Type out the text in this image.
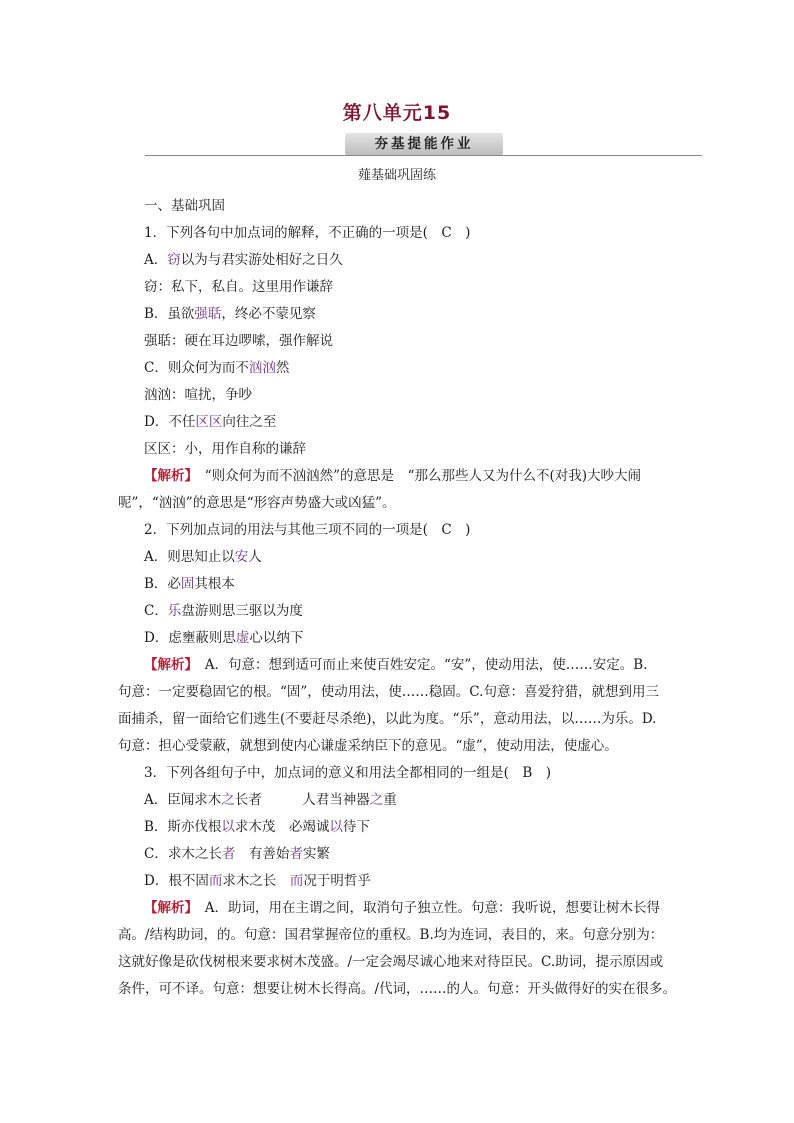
第八单元15
夯基提能作业
薤基础巩固练
一、基础巩固
1．下列各句中加点词的解释，不正确的一项是(　C　)
A．窃以为与君实游处相好之日久
窃：私下，私自。这里用作谦辞
B．虽欲强聒，终必不蒙见察
强聒：硬在耳边啰嗦，强作解说
C．则众何为而不汹汹然
汹汹：喧扰，争吵
D．不任区区向往之至
区区：小，用作自称的谦辞
【解析】　“则众何为而不汹汹然”的意思是　“那么那些人又为什么不(对我)大吵大闹
呢”，“汹汹”的意思是“形容声势盛大或凶猛”。
2．下列加点词的用法与其他三项不同的一项是(　C　)
A．则思知止以安人
B．必固其根本
C．乐盘游则思三驱以为度
D．虑壅蔽则思虚心以纳下
【解析】　A．句意：想到适可而止来使百姓安定。“安”，使动用法，使……安定。B.
句意：一定要稳固它的根。“固”，使动用法，使……稳固。C.句意：喜爱狩猎，就想到用三
面捕杀，留一面给它们逃生(不要赶尽杀绝)，以此为度。“乐”，意动用法，以……为乐。D.
句意：担心受蒙蔽，就想到使内心谦虚采纳臣下的意见。“虚”，使动用法，使虚心。
3．下列各组句子中，加点词的意义和用法全都相同的一组是(　B　)
A．臣闻求木之长者　　　人君当神器之重
B．斯亦伐根以求木茂　必竭诚以待下
C．求木之长者　有善始者实繁
D．根不固而求木之长　而况于明哲乎
【解析】　A．助词，用在主谓之间，取消句子独立性。句意：我听说，想要让树木长得
高。/结构助词，的。句意：国君掌握帝位的重权。B.均为连词，表目的，来。句意分别为：
这就好像是砍伐树根来要求树木茂盛。/一定会竭尽诚心地来对待臣民。C.助词，提示原因或
条件，可不译。句意：想要让树木长得高。/代词，……的人。句意：开头做得好的实在很多。
